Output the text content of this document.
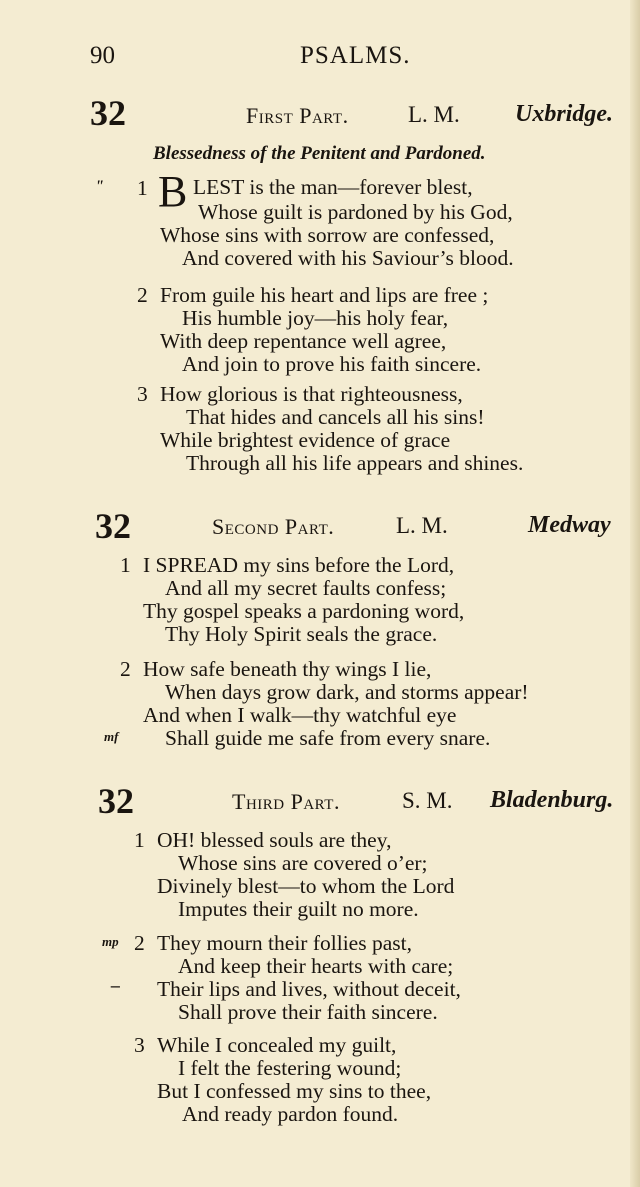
90	PSALMS.
32	First Part.	L. M. Uxbridge.
Blessedness of the Penitent and Pardoned.
" 1 B LEST is the man—forever blest,
Whose guilt is pardoned by his God,
Whose sins with sorrow are confessed,
And covered with his Saviour’s blood.
2 From guile his heart and lips are free ;
His humble joy—his holy fear,
With deep repentance well agree,
And join to prove his faith sincere.
3 How glorious is that righteousness,
That hides and cancels all his sins!
While brightest evidence of grace
Through all his life appears and shines.
32	Second Part.	L. M.	Medway
1 I SPREAD my sins before the Lord,
And all my secret faults confess;
Thy gospel speaks a pardoning word,
Thy Holy Spirit seals the grace.
2 How safe beneath thy wings I lie,
When days grow dark, and storms appear!
And when I walk—thy watchful eye
mf Shall guide me safe from every snare.
32	Third Part.	S. M. Bladenburg.
1 OH! blessed souls are they,
Whose sins are covered o’er;
Divinely blest—to whom the Lord
Imputes their guilt no more.
mp 2 They mourn their follies past,
And keep their hearts with care;
– Their lips and lives, without deceit,
Shall prove their faith sincere.
3 While I concealed my guilt,
I felt the festering wound;
But I confessed my sins to thee,
And ready pardon found.
